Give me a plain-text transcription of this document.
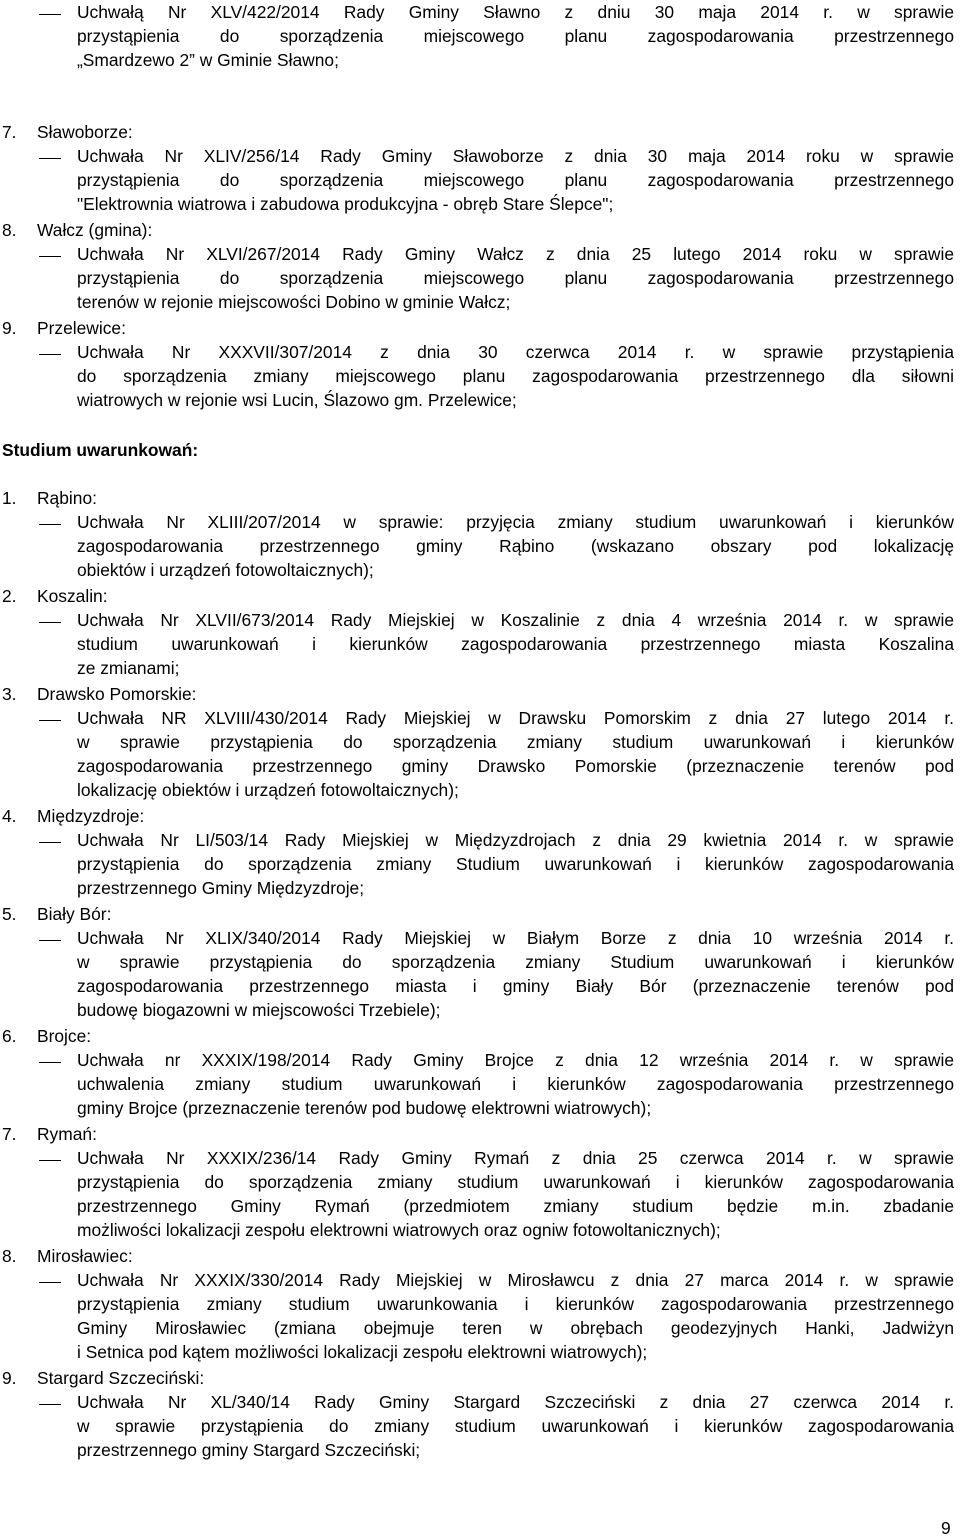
Uchwałą Nr XLV/422/2014 Rady Gminy Sławno z dniu 30 maja 2014 r. w sprawie
przystąpienia do sporządzenia miejscowego planu zagospodarowania przestrzennego
„Smardzewo 2” w Gminie Sławno;
7. Sławoborze:
Uchwała Nr XLIV/256/14 Rady Gminy Sławoborze z dnia 30 maja 2014 roku w sprawie
przystąpienia do sporządzenia miejscowego planu zagospodarowania przestrzennego
"Elektrownia wiatrowa i zabudowa produkcyjna - obręb Stare Ślepce";
8. Wałcz (gmina):
Uchwała Nr XLVI/267/2014 Rady Gminy Wałcz z dnia 25 lutego 2014 roku w sprawie
przystąpienia do sporządzenia miejscowego planu zagospodarowania przestrzennego
terenów w rejonie miejscowości Dobino w gminie Wałcz;
9. Przelewice:
Uchwała Nr XXXVII/307/2014 z dnia 30 czerwca 2014 r. w sprawie przystąpienia
do sporządzenia zmiany miejscowego planu zagospodarowania przestrzennego dla siłowni
wiatrowych w rejonie wsi Lucin, Ślazowo gm. Przelewice;
Studium uwarunkowań:
1. Rąbino:
Uchwała Nr XLIII/207/2014 w sprawie: przyjęcia zmiany studium uwarunkowań i kierunków
zagospodarowania przestrzennego gminy Rąbino (wskazano obszary pod lokalizację
obiektów i urządzeń fotowoltaicznych);
2. Koszalin:
Uchwała Nr XLVII/673/2014 Rady Miejskiej w Koszalinie z dnia 4 września 2014 r. w sprawie
studium uwarunkowań i kierunków zagospodarowania przestrzennego miasta Koszalina
ze zmianami;
3. Drawsko Pomorskie:
Uchwała NR XLVIII/430/2014 Rady Miejskiej w Drawsku Pomorskim z dnia 27 lutego 2014 r.
w sprawie przystąpienia do sporządzenia zmiany studium uwarunkowań i kierunków
zagospodarowania przestrzennego gminy Drawsko Pomorskie (przeznaczenie terenów pod
lokalizację obiektów i urządzeń fotowoltaicznych);
4. Międzyzdroje:
Uchwała Nr LI/503/14 Rady Miejskiej w Międzyzdrojach z dnia 29 kwietnia 2014 r. w sprawie
przystąpienia do sporządzenia zmiany Studium uwarunkowań i kierunków zagospodarowania
przestrzennego Gminy Międzyzdroje;
5. Biały Bór:
Uchwała Nr XLIX/340/2014 Rady Miejskiej w Białym Borze z dnia 10 września 2014 r.
w sprawie przystąpienia do sporządzenia zmiany Studium uwarunkowań i kierunków
zagospodarowania przestrzennego miasta i gminy Biały Bór (przeznaczenie terenów pod
budowę biogazowni w miejscowości Trzebiele);
6. Brojce:
Uchwała nr XXXIX/198/2014 Rady Gminy Brojce z dnia 12 września 2014 r. w sprawie
uchwalenia zmiany studium uwarunkowań i kierunków zagospodarowania przestrzennego
gminy Brojce (przeznaczenie terenów pod budowę elektrowni wiatrowych);
7. Rymań:
Uchwała Nr XXXIX/236/14 Rady Gminy Rymań z dnia 25 czerwca 2014 r. w sprawie
przystąpienia do sporządzenia zmiany studium uwarunkowań i kierunków zagospodarowania
przestrzennego Gminy Rymań (przedmiotem zmiany studium będzie m.in. zbadanie
możliwości lokalizacji zespołu elektrowni wiatrowych oraz ogniw fotowoltanicznych);
8. Mirosławiec:
Uchwała Nr XXXIX/330/2014 Rady Miejskiej w Mirosławcu z dnia 27 marca 2014 r. w sprawie
przystąpienia zmiany studium uwarunkowania i kierunków zagospodarowania przestrzennego
Gminy Mirosławiec (zmiana obejmuje teren w obrębach geodezyjnych Hanki, Jadwiżyn
i Setnica pod kątem możliwości lokalizacji zespołu elektrowni wiatrowych);
9. Stargard Szczeciński:
Uchwała Nr XL/340/14 Rady Gminy Stargard Szczeciński z dnia 27 czerwca 2014 r.
w sprawie przystąpienia do zmiany studium uwarunkowań i kierunków zagospodarowania
przestrzennego gminy Stargard Szczeciński;
9
